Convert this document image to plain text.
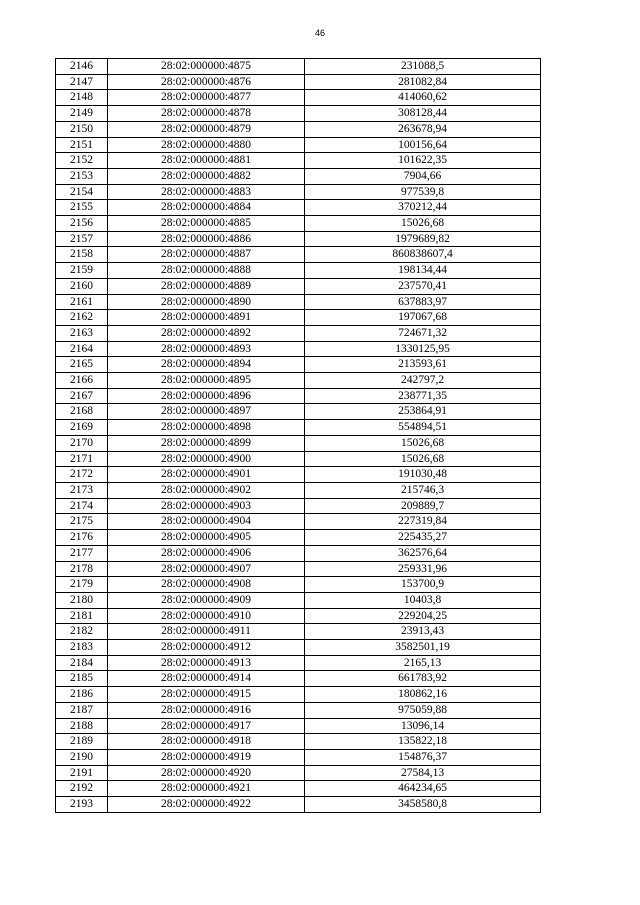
46
2146	28:02:000000:4875	231088,5
2147	28:02:000000:4876	281082,84
2148	28:02:000000:4877	414060,62
2149	28:02:000000:4878	308128,44
2150	28:02:000000:4879	263678,94
2151	28:02:000000:4880	100156,64
2152	28:02:000000:4881	101622,35
2153	28:02:000000:4882	7904,66
2154	28:02:000000:4883	977539,8
2155	28:02:000000:4884	370212,44
2156	28:02:000000:4885	15026,68
2157	28:02:000000:4886	1979689,82
2158	28:02:000000:4887	860838607,4
2159	28:02:000000:4888	198134,44
2160	28:02:000000:4889	237570,41
2161	28:02:000000:4890	637883,97
2162	28:02:000000:4891	197067,68
2163	28:02:000000:4892	724671,32
2164	28:02:000000:4893	1330125,95
2165	28:02:000000:4894	213593,61
2166	28:02:000000:4895	242797,2
2167	28:02:000000:4896	238771,35
2168	28:02:000000:4897	253864,91
2169	28:02:000000:4898	554894,51
2170	28:02:000000:4899	15026,68
2171	28:02:000000:4900	15026,68
2172	28:02:000000:4901	191030,48
2173	28:02:000000:4902	215746,3
2174	28:02:000000:4903	209889,7
2175	28:02:000000:4904	227319,84
2176	28:02:000000:4905	225435,27
2177	28:02:000000:4906	362576,64
2178	28:02:000000:4907	259331,96
2179	28:02:000000:4908	153700,9
2180	28:02:000000:4909	10403,8
2181	28:02:000000:4910	229204,25
2182	28:02:000000:4911	23913,43
2183	28:02:000000:4912	3582501,19
2184	28:02:000000:4913	2165,13
2185	28:02:000000:4914	661783,92
2186	28:02:000000:4915	180862,16
2187	28:02:000000:4916	975059,88
2188	28:02:000000:4917	13096,14
2189	28:02:000000:4918	135822,18
2190	28:02:000000:4919	154876,37
2191	28:02:000000:4920	27584,13
2192	28:02:000000:4921	464234,65
2193	28:02:000000:4922	3458580,8
